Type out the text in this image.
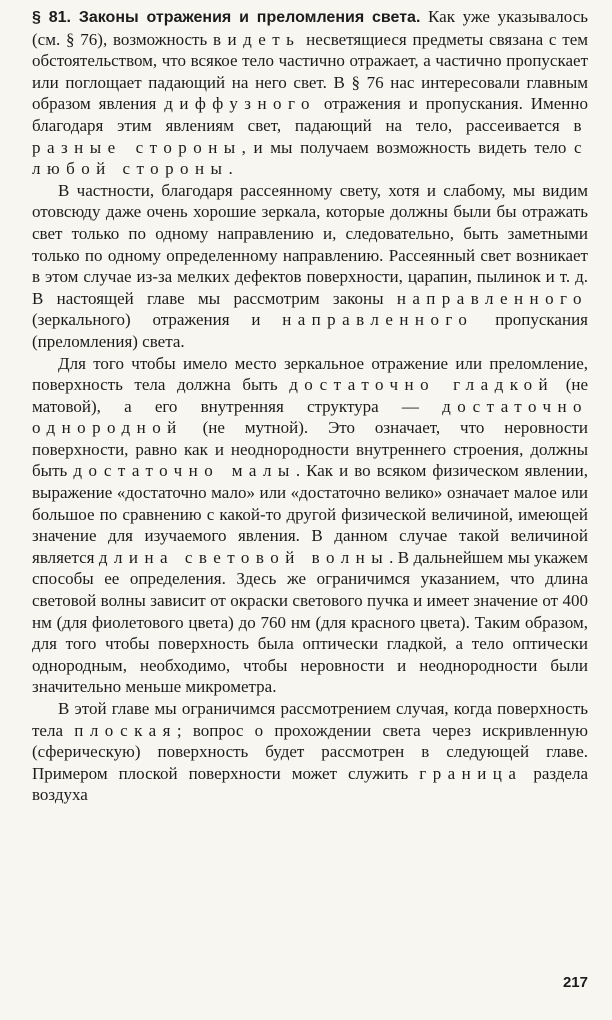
§ 81. Законы отражения и преломления света. Как уже указывалось (см. § 76), возможность видеть несветящиеся предметы связана с тем обстоятельством, что всякое тело частично отражает, а частично пропускает или поглощает падающий на него свет. В § 76 нас интересовали главным образом явления диффузного отражения и пропускания. Именно благодаря этим явлениям свет, падающий на тело, рассеивается в разные стороны, и мы получаем возможность видеть тело с любой стороны.

В частности, благодаря рассеянному свету, хотя и слабому, мы видим отовсюду даже очень хорошие зеркала, которые должны были бы отражать свет только по одному направлению и, следовательно, быть заметными только по одному определенному направлению. Рассеянный свет возникает в этом случае из-за мелких дефектов поверхности, царапин, пылинок и т. д. В настоящей главе мы рассмотрим законы направленного (зеркального) отражения и направленного пропускания (преломления) света.

Для того чтобы имело место зеркальное отражение или преломление, поверхность тела должна быть достаточно гладкой (не матовой), а его внутренняя структура — достаточно однородной (не мутной). Это означает, что неровности поверхности, равно как и неоднородности внутреннего строения, должны быть достаточно малы. Как и во всяком физическом явлении, выражение «достаточно мало» или «достаточно велико» означает малое или большое по сравнению с какой-то другой физической величиной, имеющей значение для изучаемого явления. В данном случае такой величиной является длина световой волны. В дальнейшем мы укажем способы ее определения. Здесь же ограничимся указанием, что длина световой волны зависит от окраски светового пучка и имеет значение от 400 нм (для фиолетового цвета) до 760 нм (для красного цвета). Таким образом, для того чтобы поверхность была оптически гладкой, а тело оптически однородным, необходимо, чтобы неровности и неоднородности были значительно меньше микрометра.

В этой главе мы ограничимся рассмотрением случая, когда поверхность тела плоская; вопрос о прохождении света через искривленную (сферическую) поверхность будет рассмотрен в следующей главе. Примером плоской поверхности может служить граница раздела воздуха

217
